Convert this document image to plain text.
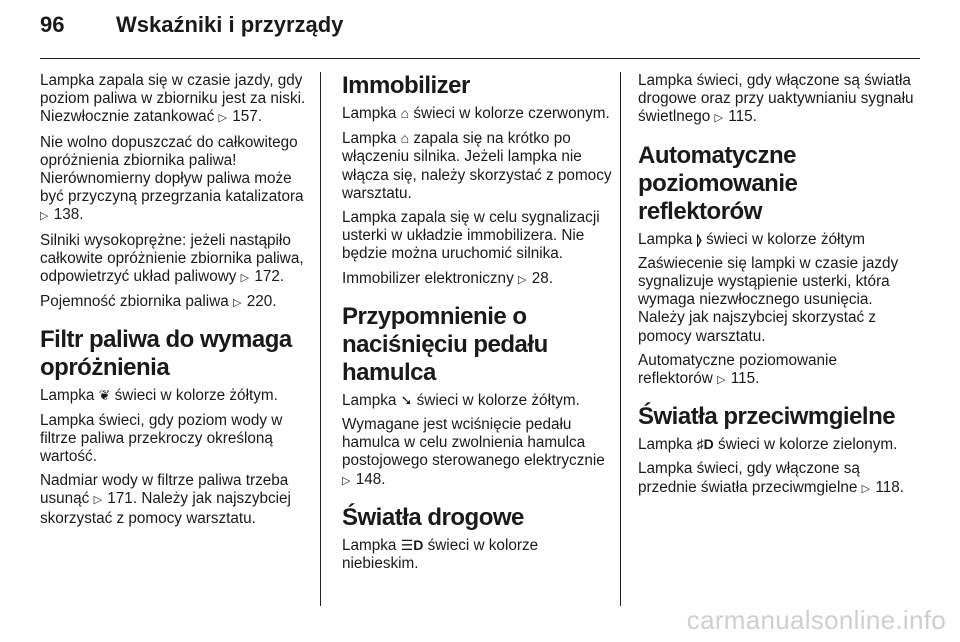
96 Wskaźniki i przyrządy

Lampka zapala się w czasie jazdy, gdy poziom paliwa w zbiorniku jest za niski. Niezwłocznie zatankować ▷ 157.

Nie wolno dopuszczać do całkowitego opróżnienia zbiornika paliwa! Nierównomierny dopływ paliwa może być przyczyną przegrzania katalizatora ▷ 138.

Silniki wysokoprężne: jeżeli nastąpiło całkowite opróżnienie zbiornika paliwa, odpowietrzyć układ paliwowy ▷ 172.

Pojemność zbiornika paliwa ▷ 220.

Filtr paliwa do wymaga opróżnienia

Lampka ❦ świeci w kolorze żółtym.

Lampka świeci, gdy poziom wody w filtrze paliwa przekroczy określoną wartość.

Nadmiar wody w filtrze paliwa trzeba usunąć ▷ 171. Należy jak najszybciej skorzystać z pomocy warsztatu.

Immobilizer

Lampka ⌂ świeci w kolorze czerwonym.

Lampka ⌂ zapala się na krótko po włączeniu silnika. Jeżeli lampka nie włącza się, należy skorzystać z pomocy warsztatu.

Lampka zapala się w celu sygnalizacji usterki w układzie immobilizera. Nie będzie można uruchomić silnika.

Immobilizer elektroniczny ▷ 28.

Przypomnienie o naciśnięciu pedału hamulca

Lampka ➘ świeci w kolorze żółtym.

Wymagane jest wciśnięcie pedału hamulca w celu zwolnienia hamulca postojowego sterowanego elektrycznie ▷ 148.

Światła drogowe

Lampka ☰D świeci w kolorze niebieskim.

Lampka świeci, gdy włączone są światła drogowe oraz przy uaktywnianiu sygnału świetlnego ▷ 115.

Automatyczne poziomowanie reflektorów

Lampka ⦊ świeci w kolorze żółtym

Zaświecenie się lampki w czasie jazdy sygnalizuje wystąpienie usterki, która wymaga niezwłocznego usunięcia. Należy jak najszybciej skorzystać z pomocy warsztatu.

Automatyczne poziomowanie reflektorów ▷ 115.

Światła przeciwmgielne

Lampka ♯D świeci w kolorze zielonym.

Lampka świeci, gdy włączone są przednie światła przeciwmgielne ▷ 118.

carmanualsonline.info
